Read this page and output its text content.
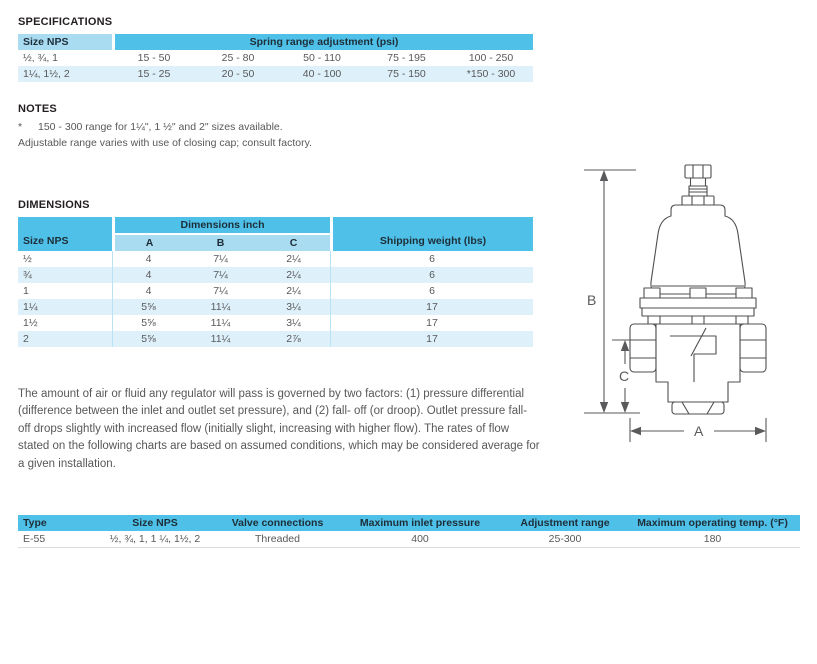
SPECIFICATIONS
Size NPS	Spring range adjustment (psi)				
½, ¾, 1	15 - 50	25 - 80	50 - 110	75 - 195	100 - 250
1¼, 1½, 2	15 - 25	20 - 50	40 - 100	75 - 150	*150 - 300
NOTES
*	150 - 300 range for 1¼", 1 ½" and 2" sizes available.
Adjustable range varies with use of closing cap; consult factory.
DIMENSIONS
Size NPS	Dimensions inch			Shipping weight (lbs)
	A	B	C	
½	4	7¼	2¼	6
¾	4	7¼	2¼	6
1	4	7¼	2¼	6
1¼	5⅝	11¼	3¼	17
1½	5⅝	11¼	3¼	17
2	5⅝	11¼	2⅞	17

The amount of air or fluid any regulator will pass is governed by two factors: (1) pressure differential (difference between the inlet and outlet set pressure), and (2) fall- off (or droop). Outlet pressure fall- off drops slightly with increased flow (initially slight, increasing with higher flow). The rates of flow stated on the following charts are based on assumed conditions, which may be considered average for a given installation.

Type	Size NPS	Valve connections	Maximum inlet pressure	Adjustment range	Maximum operating temp. (°F)
E-55	½, ¾, 1, 1 ¼, 1½, 2	Threaded	400	25-300	180
B
C
A
